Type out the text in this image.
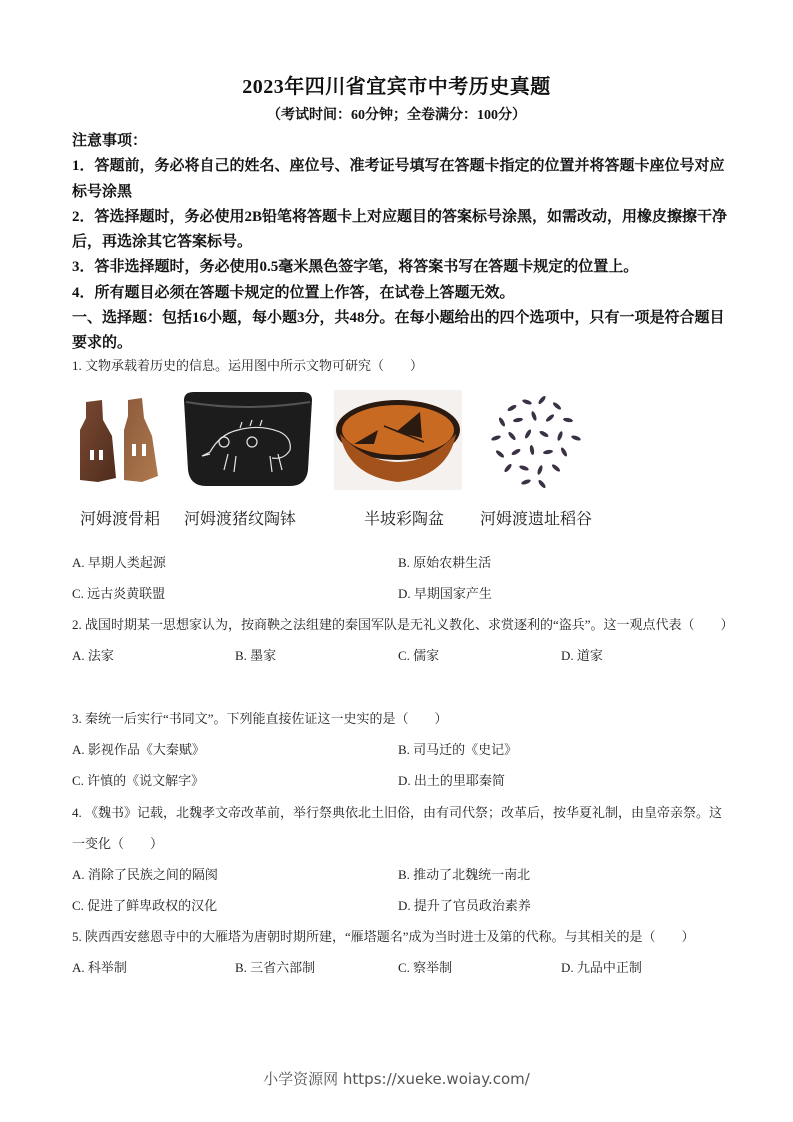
2023年四川省宜宾市中考历史真题
（考试时间：60分钟；全卷满分：100分）

注意事项：

1．答题前，务必将自己的姓名、座位号、准考证号填写在答题卡指定的位置并将答题卡座位号对应标号涂黑

2．答选择题时，务必使用2B铅笔将答题卡上对应题目的答案标号涂黑，如需改动，用橡皮擦擦干净后，再选涂其它答案标号。

3．答非选择题时，务必使用0.5毫米黑色签字笔，将答案书写在答题卡规定的位置上。

4．所有题目必须在答题卡规定的位置上作答，在试卷上答题无效。

一、选择题：包括16小题，每小题3分，共48分。在每小题给出的四个选项中，只有一项是符合题目要求的。

1. 文物承载着历史的信息。运用图中所示文物可研究（　　）

河姆渡骨耜 河姆渡猪纹陶钵	半坡彩陶盆 河姆渡遗址稻谷
A. 早期人类起源	B. 原始农耕生活
C. 远古炎黄联盟	D. 早期国家产生

2. 战国时期某一思想家认为，按商鞅之法组建的秦国军队是无礼义教化、求赏逐利的“盗兵”。这一观点代表（　　）

A. 法家	B. 墨家	C. 儒家	D. 道家

3. 秦统一后实行“书同文”。下列能直接佐证这一史实的是（　　）

A. 影视作品《大秦赋》	B. 司马迁的《史记》
C. 许慎的《说文解字》	D. 出土的里耶秦简

4. 《魏书》记载，北魏孝文帝改革前，举行祭典依北土旧俗，由有司代祭；改革后，按华夏礼制，由皇帝亲祭。这一变化（　　）

A. 消除了民族之间的隔阂	B. 推动了北魏统一南北
C. 促进了鲜卑政权的汉化	D. 提升了官员政治素养

5. 陕西西安慈恩寺中的大雁塔为唐朝时期所建，“雁塔题名”成为当时进士及第的代称。与其相关的是（　　）

A. 科举制	B. 三省六部制	C. 察举制	D. 九品中正制
小学资源网 https://xueke.woiay.com/
